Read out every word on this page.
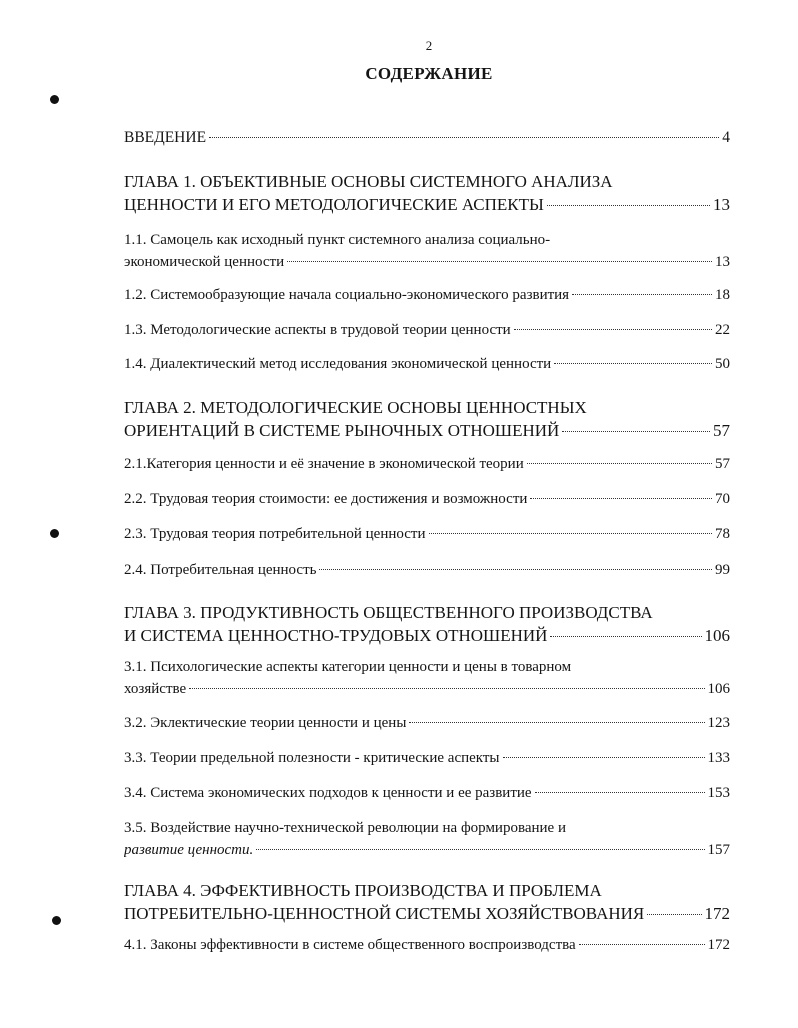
2
СОДЕРЖАНИЕ
ВВЕДЕНИЕ	4
ГЛАВА 1. ОБЪЕКТИВНЫЕ ОСНОВЫ СИСТЕМНОГО АНАЛИЗА
ЦЕННОСТИ И ЕГО МЕТОДОЛОГИЧЕСКИЕ АСПЕКТЫ	13
1.1. Самоцель как исходный пункт системного анализа социально-
экономической ценности	13
1.2. Системообразующие начала социально-экономического развития	18
1.3. Методологические аспекты в трудовой теории ценности	22
1.4. Диалектический метод исследования экономической ценности	50
ГЛАВА 2. МЕТОДОЛОГИЧЕСКИЕ ОСНОВЫ ЦЕННОСТНЫХ
ОРИЕНТАЦИЙ В СИСТЕМЕ РЫНОЧНЫХ ОТНОШЕНИЙ	57
2.1.Категория ценности и её значение в экономической теории	57
2.2. Трудовая теория стоимости: ее достижения и возможности	70
2.3. Трудовая теория потребительной ценности	78
2.4. Потребительная ценность	99
ГЛАВА 3. ПРОДУКТИВНОСТЬ ОБЩЕСТВЕННОГО ПРОИЗВОДСТВА
И СИСТЕМА ЦЕННОСТНО-ТРУДОВЫХ ОТНОШЕНИЙ	106
3.1. Психологические аспекты категории ценности и цены в товарном
хозяйстве	106
3.2. Эклектические теории ценности и цены	123
3.3. Теории предельной полезности - критические аспекты	133
3.4. Система экономических подходов к ценности и ее развитие	153
3.5. Воздействие научно-технической революции на формирование и
развитие ценности.	157
ГЛАВА 4. ЭФФЕКТИВНОСТЬ ПРОИЗВОДСТВА И ПРОБЛЕМА
ПОТРЕБИТЕЛЬНО-ЦЕННОСТНОЙ СИСТЕМЫ ХОЗЯЙСТВОВАНИЯ	172
4.1. Законы эффективности в системе общественного воспроизводства	172
